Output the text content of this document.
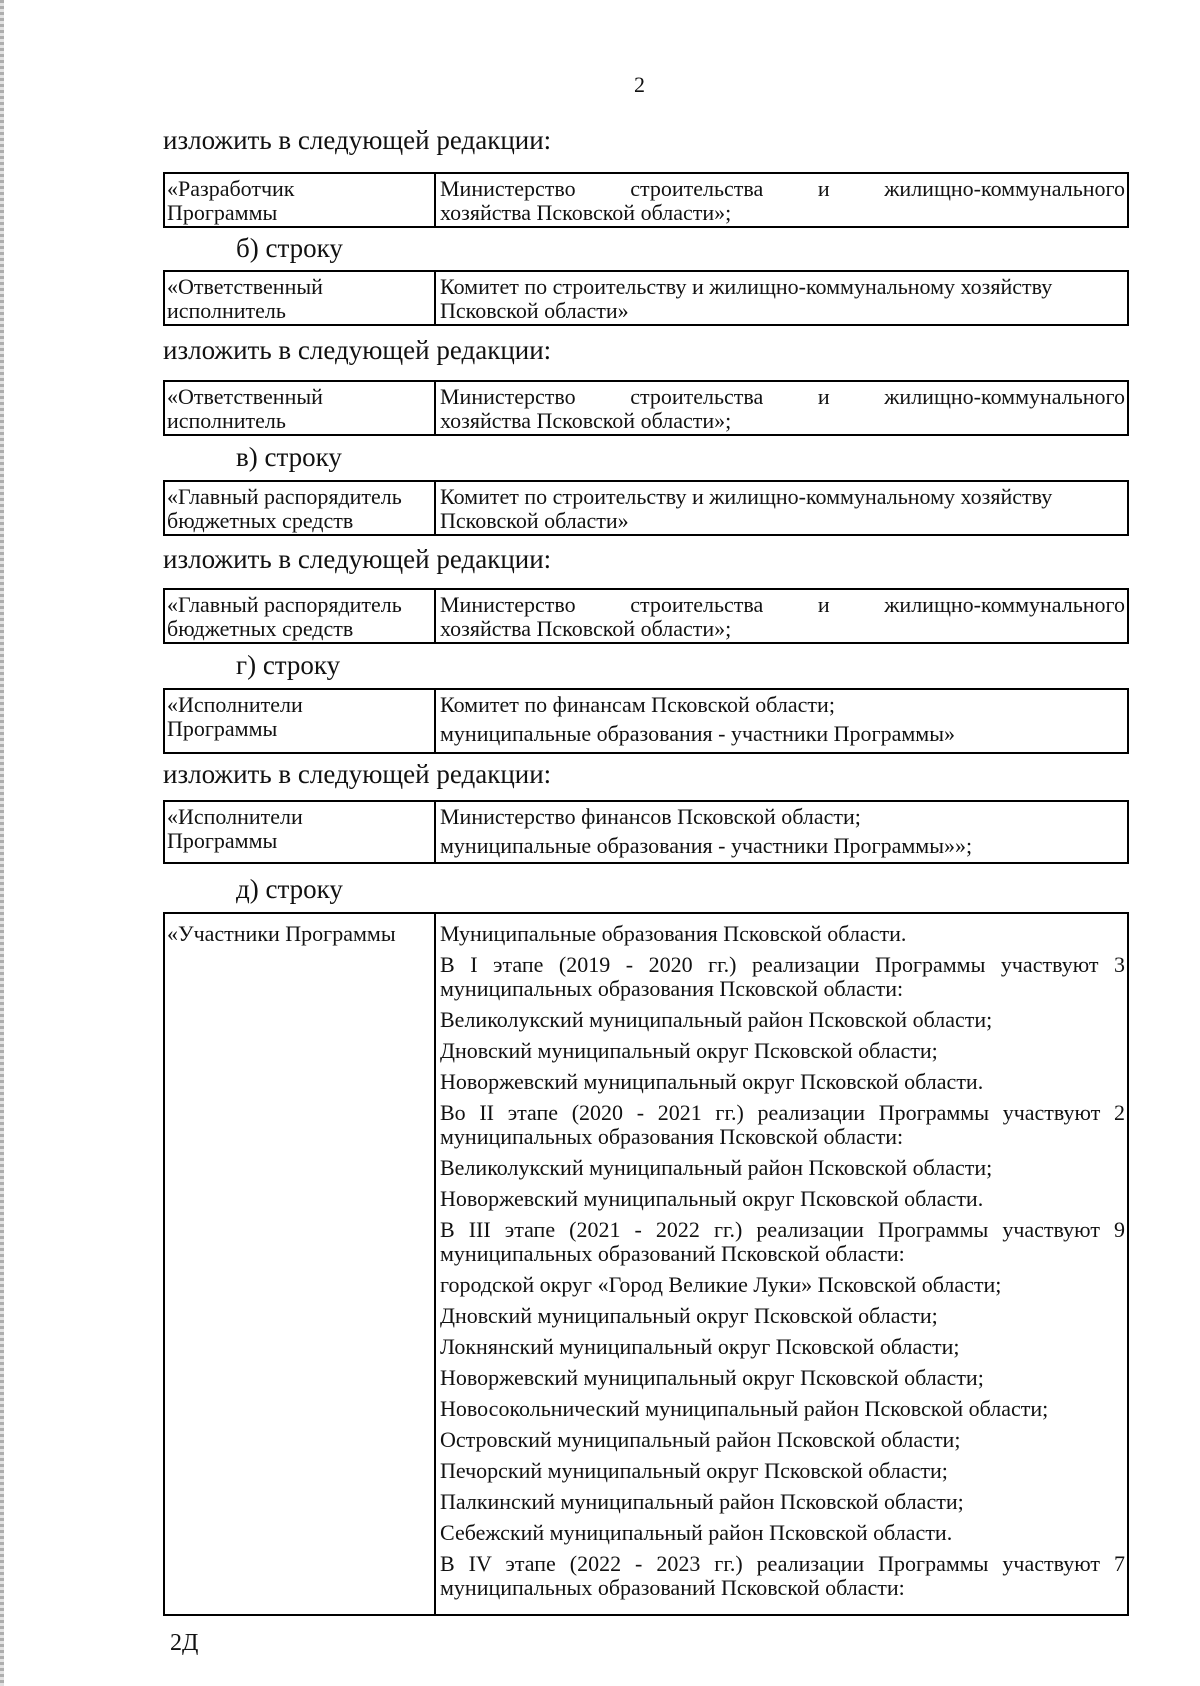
2
изложить в следующей редакции:
«Разработчик
Программы
Министерство строительства и жилищно-коммунального
хозяйства Псковской области»;
б) строку
«Ответственный
исполнитель
Комитет по строительству и жилищно-коммунальному хозяйству
Псковской области»
изложить в следующей редакции:
«Ответственный
исполнитель
Министерство строительства и жилищно-коммунального
хозяйства Псковской области»;
в) строку
«Главный распорядитель
бюджетных средств
Комитет по строительству и жилищно-коммунальному хозяйству
Псковской области»
изложить в следующей редакции:
«Главный распорядитель
бюджетных средств
Министерство строительства и жилищно-коммунального
хозяйства Псковской области»;
г) строку
«Исполнители
Программы
Комитет по финансам Псковской области;
муниципальные образования - участники Программы»
изложить в следующей редакции:
«Исполнители
Программы
Министерство финансов Псковской области;
муниципальные образования - участники Программы»»;
д) строку
«Участники Программы	Муниципальные образования Псковской области.

В I этапе (2019 - 2020 гг.) реализации Программы участвуют 3 муниципальных образования Псковской области:

Великолукский муниципальный район Псковской области;

Дновский муниципальный округ Псковской области;

Новоржевский муниципальный округ Псковской области.

Во II этапе (2020 - 2021 гг.) реализации Программы участвуют 2 муниципальных образования Псковской области:

Великолукский муниципальный район Псковской области;

Новоржевский муниципальный округ Псковской области.

В III этапе (2021 - 2022 гг.) реализации Программы участвуют 9 муниципальных образований Псковской области:

городской округ «Город Великие Луки» Псковской области;

Дновский муниципальный округ Псковской области;

Локнянский муниципальный округ Псковской области;

Новоржевский муниципальный округ Псковской области;

Новосокольнический муниципальный район Псковской области;

Островский муниципальный район Псковской области;

Печорский муниципальный округ Псковской области;

Палкинский муниципальный район Псковской области;

Себежский муниципальный район Псковской области.

В IV этапе (2022 - 2023 гг.) реализации Программы участвуют 7 муниципальных образований Псковской области:

2Д
